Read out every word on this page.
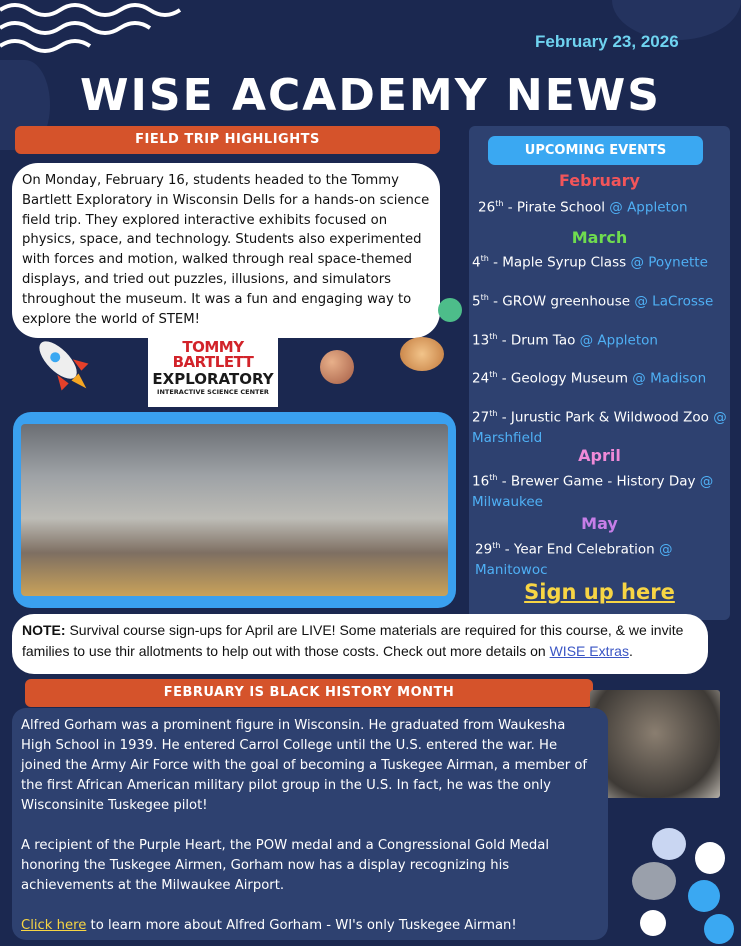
February 23, 2026
WISE ACADEMY NEWS
FIELD TRIP HIGHLIGHTS
On Monday, February 16, students headed to the Tommy Bartlett Exploratory in Wisconsin Dells for a hands-on science field trip. They explored interactive exhibits focused on physics, space, and technology. Students also experimented with forces and motion, walked through real space-themed displays, and tried out puzzles, illusions, and simulators throughout the museum. It was a fun and engaging way to explore the world of STEM!
TOMMY BARTLETT
EXPLORATORY
INTERACTIVE SCIENCE CENTER
UPCOMING EVENTS
February
26th - Pirate School @ Appleton
March
4th - Maple Syrup Class @ Poynette
5th - GROW greenhouse @ LaCrosse
13th - Drum Tao @ Appleton
24th - Geology Museum @ Madison
27th - Jurustic Park & Wildwood Zoo @ Marshfield
April
16th - Brewer Game - History Day @ Milwaukee
May
29th - Year End Celebration @ Manitowoc
Sign up here
NOTE: Survival course sign-ups for April are LIVE! Some materials are required for this course, & we invite families to use thir allotments to help out with those costs. Check out more details on WISE Extras.
FEBRUARY IS BLACK HISTORY MONTH

Alfred Gorham was a prominent figure in Wisconsin. He graduated from Waukesha High School in 1939. He entered Carrol College until the U.S. entered the war. He joined the Army Air Force with the goal of becoming a Tuskegee Airman, a member of the first African American military pilot group in the U.S. In fact, he was the only Wisconsinite Tuskegee pilot!

A recipient of the Purple Heart, the POW medal and a Congressional Gold Medal honoring the Tuskegee Airmen, Gorham now has a display recognizing his achievements at the Milwaukee Airport.

Click here to learn more about Alfred Gorham - WI's only Tuskegee Airman!
